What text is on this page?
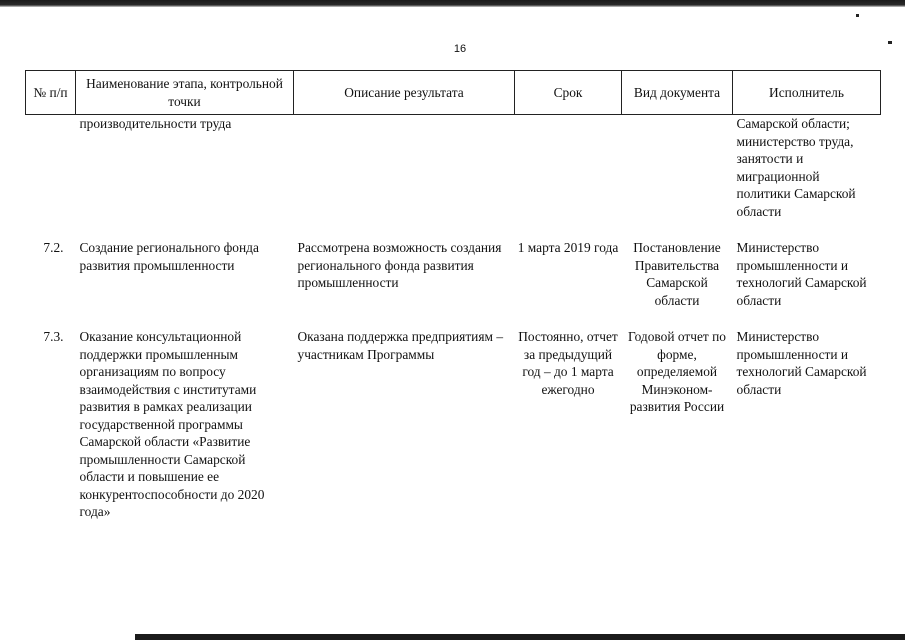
16
№ п/п	Наименование этапа, контрольной точки	Описание результата	Срок	Вид документа	Исполнитель
	производительности труда				Самарской области; министерство труда, занятости и миграционной политики Самарской области

7.2.	Создание регионального фонда развития промышленности	Рассмотрена возможность создания регионального фонда развития промышленности	1 марта 2019 года	Постановление Правительства Самарской области	Министерство промышленности и технологий Самарской области

7.3.	Оказание консультационной поддержки промышленным организациям по вопросу взаимодействия с институтами развития в рамках реализации государственной программы Самарской области «Развитие промышленности Самарской области и повышение ее конкурентоспособности до 2020 года»	Оказана поддержка предприятиям – участникам Программы	Постоянно, отчет за предыдущий год – до 1 марта ежегодно	Годовой отчет по форме, определяемой Минэконом-развития России	Министерство промышленности и технологий Самарской области
